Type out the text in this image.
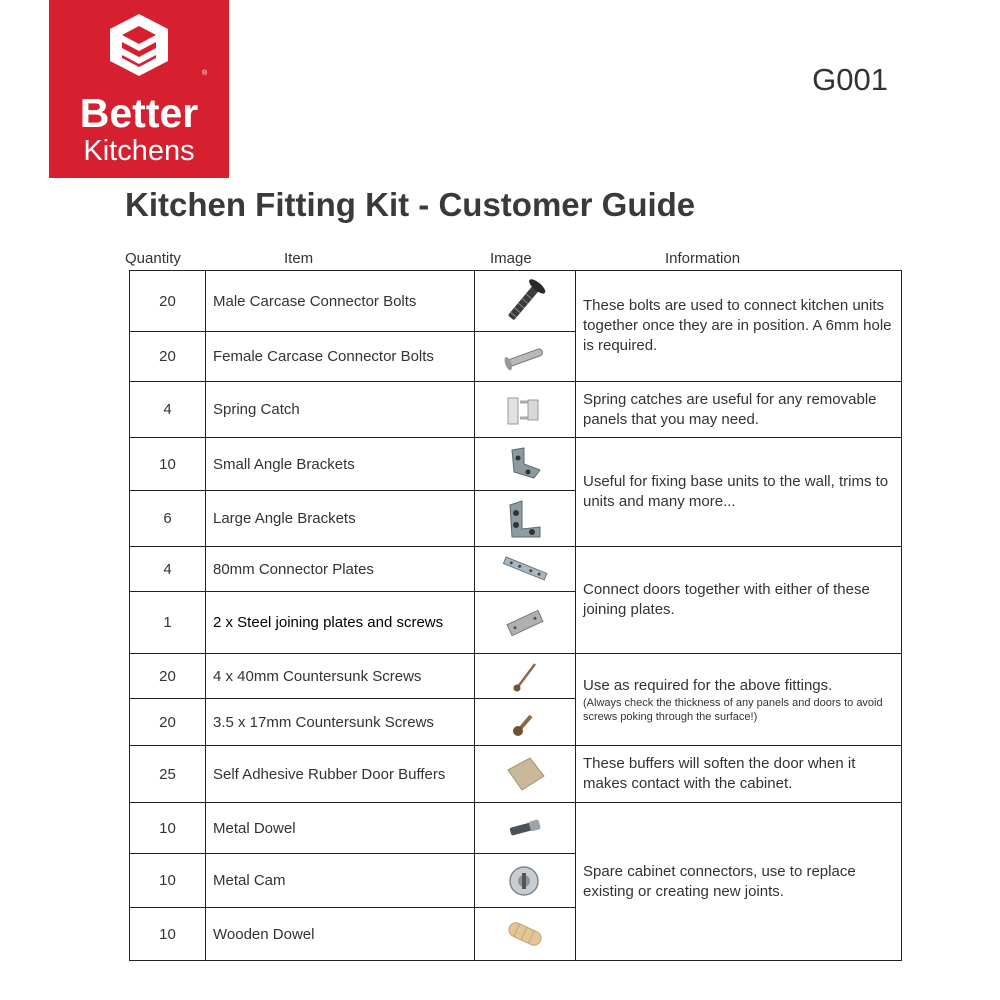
®
Better
Kitchens
G001
Kitchen Fitting Kit - Customer Guide
Quantity	Item	Image	Information
20	Male Carcase Connector Bolts		These bolts are used to connect kitchen units together once they are in position. A 6mm hole is required.
20	Female Carcase Connector Bolts	

4	Spring Catch		Spring catches are useful for any removable panels that you may need.
10	Small Angle Brackets		Useful for fixing base units to the wall, trims to units and many more...
6	Large Angle Brackets	

4	80mm Connector Plates		Connect doors together with either of these joining plates.
1	2 x Steel joining plates and screws	

20	4 x 40mm Countersunk Screws		Use as required for the above fittings.
(Always check the thickness of any panels and doors to avoid screws poking through the surface!)

20	3.5 x 17mm Countersunk Screws	

25	Self Adhesive Rubber Door Buffers		These buffers will soften the door when it makes contact with the cabinet.
10	Metal Dowel		Spare cabinet connectors, use to replace existing or creating new joints.
10	Metal Cam	

10	Wooden Dowel	
